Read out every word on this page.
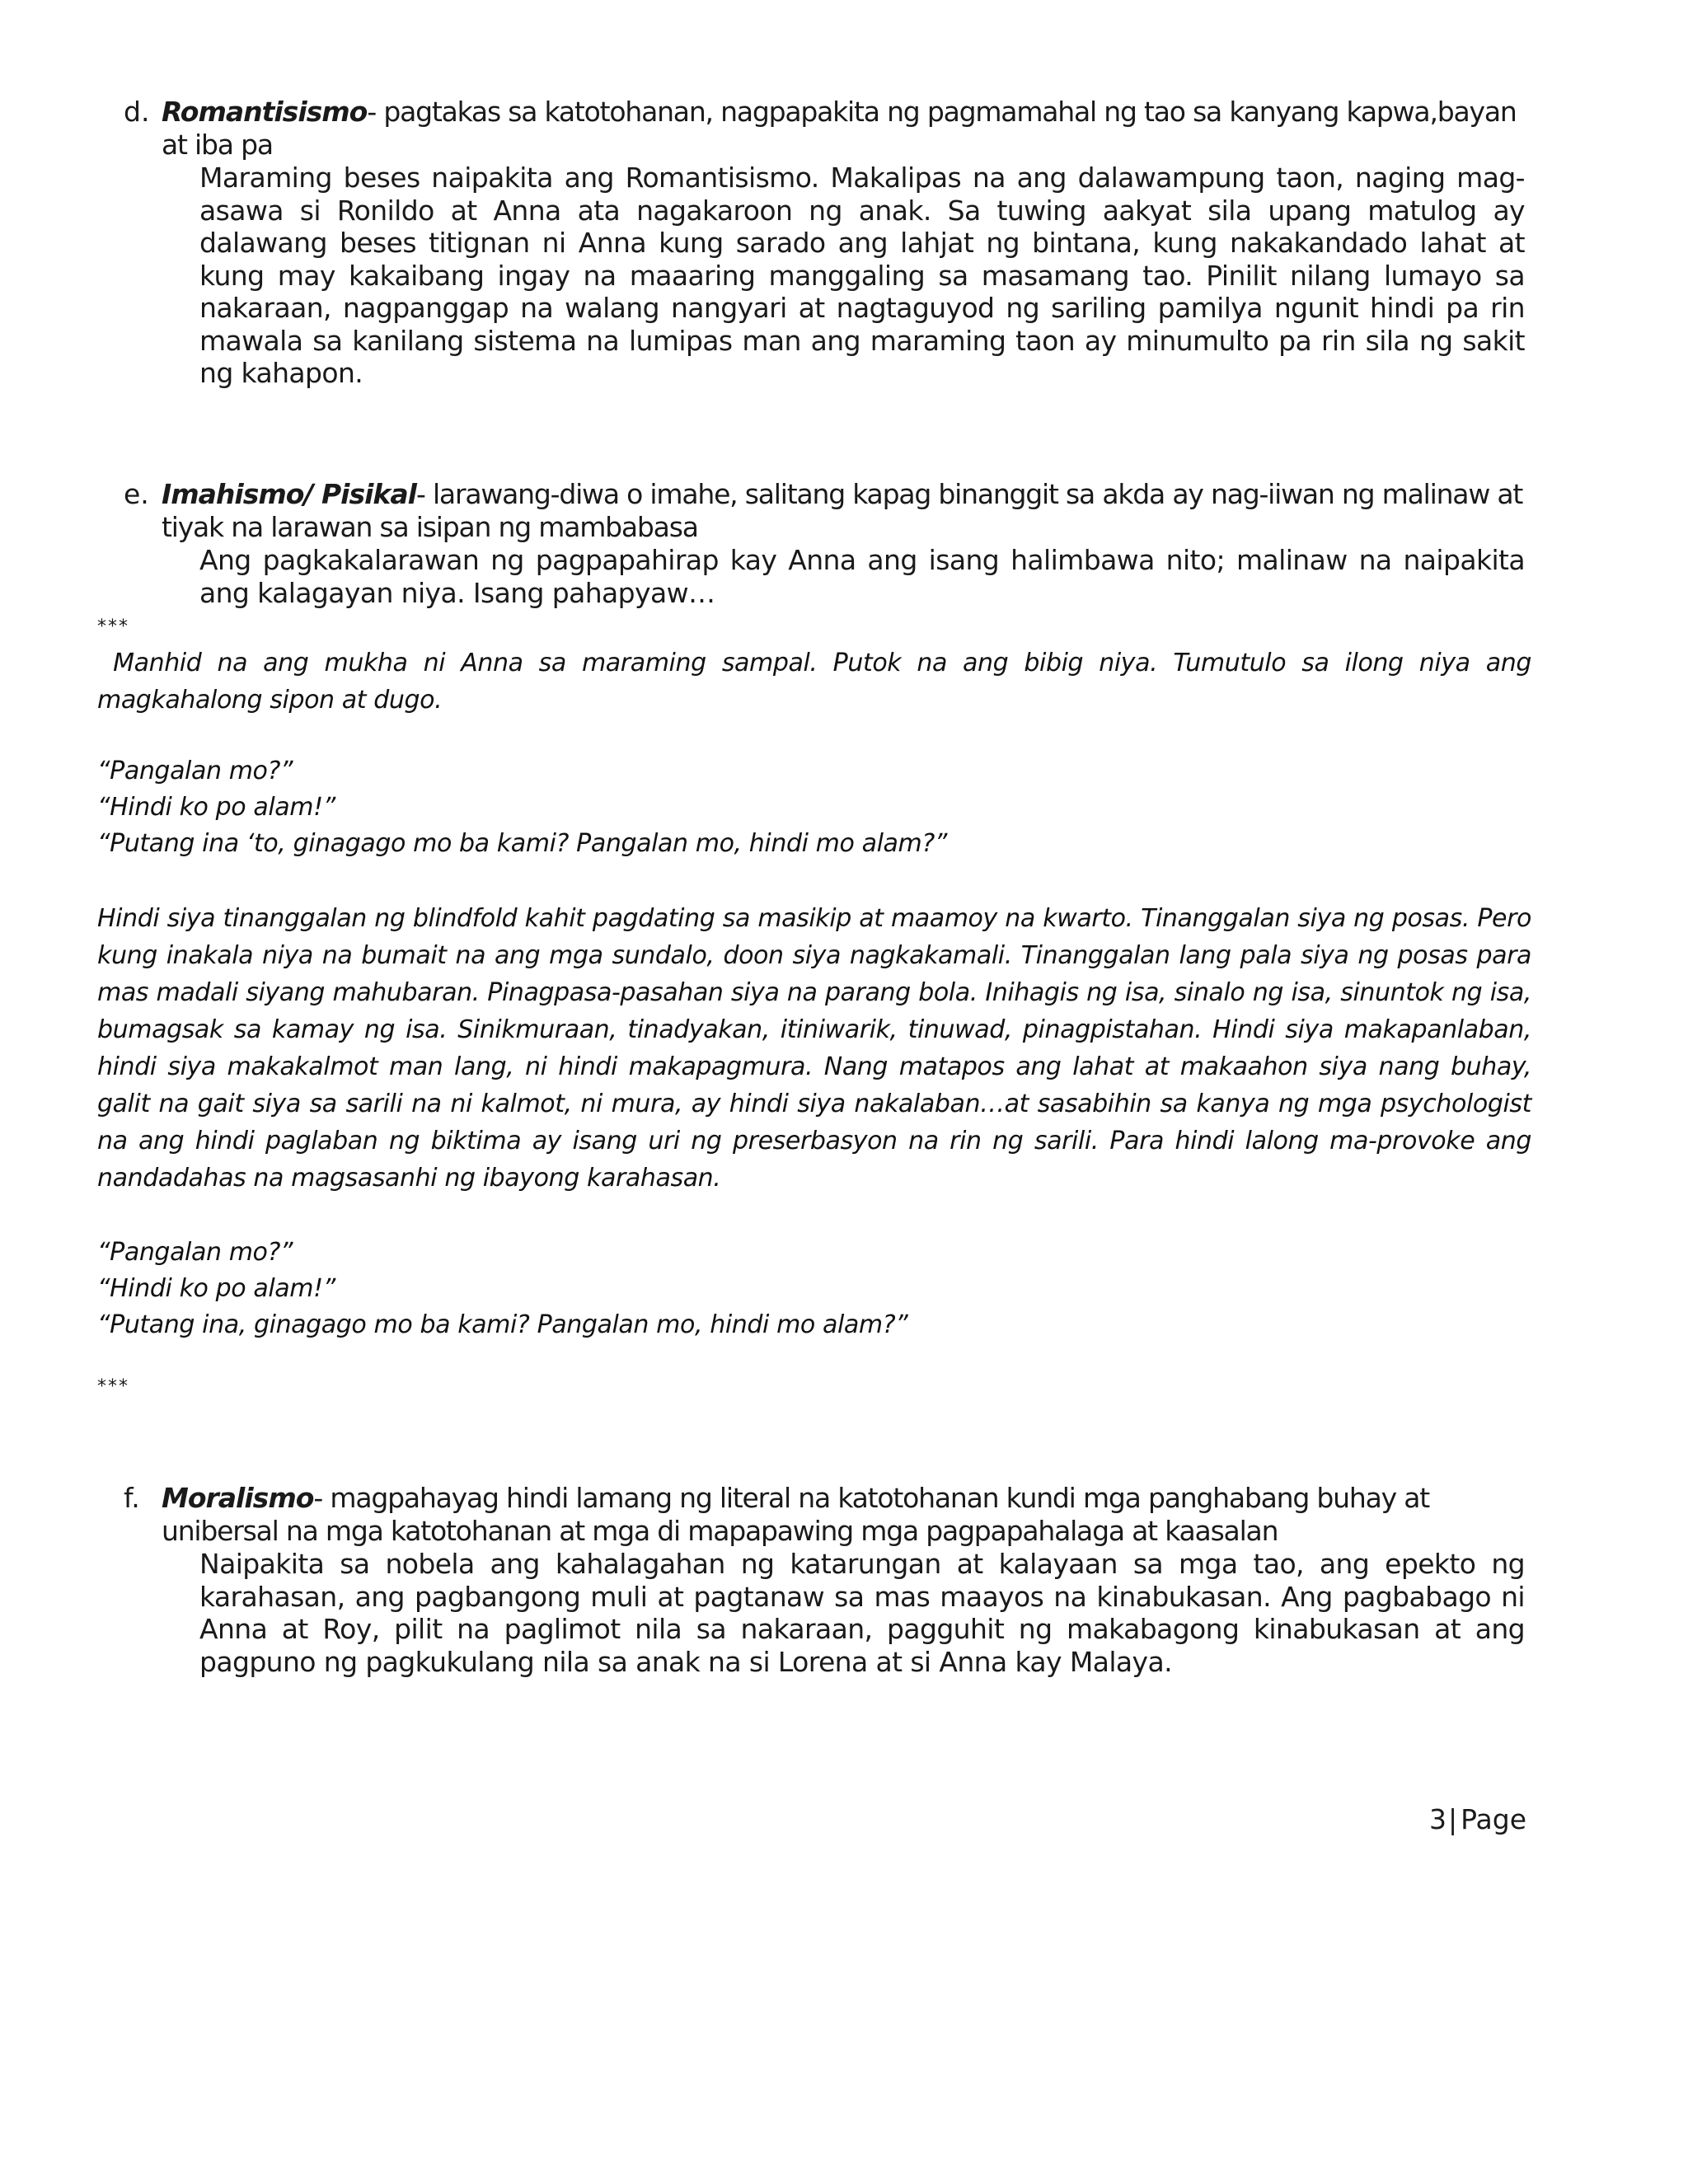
d. Romantisismo- pagtakas sa katotohanan, nagpapakita ng pagmamahal ng tao sa kanyang kapwa,bayan at iba pa
Maraming beses naipakita ang Romantisismo. Makalipas na ang dalawampung taon, naging mag-asawa si Ronildo at Anna ata nagakaroon ng anak. Sa tuwing aakyat sila upang matulog ay dalawang beses titignan ni Anna kung sarado ang lahjat ng bintana, kung nakakandado lahat at kung may kakaibang ingay na maaaring manggaling sa masamang tao. Pinilit nilang lumayo sa nakaraan, nagpanggap na walang nangyari at nagtaguyod ng sariling pamilya ngunit hindi pa rin mawala sa kanilang sistema na lumipas man ang maraming taon ay minumulto pa rin sila ng sakit ng kahapon.
e. Imahismo/ Pisikal- larawang-diwa o imahe, salitang kapag binanggit sa akda ay nag-iiwan ng malinaw at tiyak na larawan sa isipan ng mambabasa
Ang pagkakalarawan ng pagpapahirap kay Anna ang isang halimbawa nito; malinaw na naipakita ang kalagayan niya. Isang pahapyaw…
***

Manhid na ang mukha ni Anna sa maraming sampal. Putok na ang bibig niya. Tumutulo sa ilong niya ang magkahalong sipon at dugo.

“Pangalan mo?”

“Hindi ko po alam!”

“Putang ina ‘to, ginagago mo ba kami? Pangalan mo, hindi mo alam?”

Hindi siya tinanggalan ng blindfold kahit pagdating sa masikip at maamoy na kwarto. Tinanggalan siya ng posas. Pero kung inakala niya na bumait na ang mga sundalo, doon siya nagkakamali. Tinanggalan lang pala siya ng posas para mas madali siyang mahubaran. Pinagpasa-pasahan siya na parang bola. Inihagis ng isa, sinalo ng isa, sinuntok ng isa, bumagsak sa kamay ng isa. Sinikmuraan, tinadyakan, itiniwarik, tinuwad, pinagpistahan. Hindi siya makapanlaban, hindi siya makakalmot man lang, ni hindi makapagmura. Nang matapos ang lahat at makaahon siya nang buhay, galit na gait siya sa sarili na ni kalmot, ni mura, ay hindi siya nakalaban…at sasabihin sa kanya ng mga psychologist na ang hindi paglaban ng biktima ay isang uri ng preserbasyon na rin ng sarili. Para hindi lalong ma-provoke ang nandadahas na magsasanhi ng ibayong karahasan.

“Pangalan mo?”

“Hindi ko po alam!”

“Putang ina, ginagago mo ba kami? Pangalan mo, hindi mo alam?”

***
f. Moralismo- magpahayag hindi lamang ng literal na katotohanan kundi mga panghabang buhay at unibersal na mga katotohanan at mga di mapapawing mga pagpapahalaga at kaasalan
Naipakita sa nobela ang kahalagahan ng katarungan at kalayaan sa mga tao, ang epekto ng karahasan, ang pagbangong muli at pagtanaw sa mas maayos na kinabukasan. Ang pagbabago ni Anna at Roy, pilit na paglimot nila sa nakaraan, pagguhit ng makabagong kinabukasan at ang pagpuno ng pagkukulang nila sa anak na si Lorena at si Anna kay Malaya.
3| Page
